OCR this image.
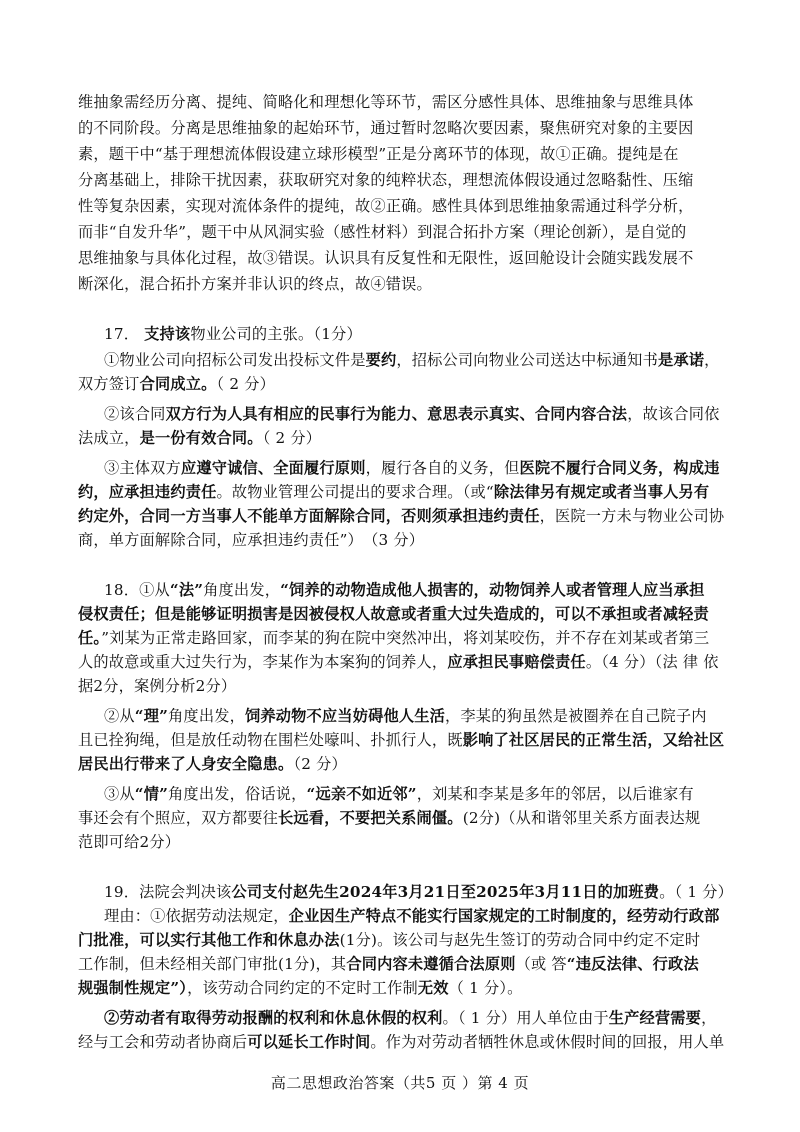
维抽象需经历分离、提纯、简略化和理想化等环节，需区分感性具体、思维抽象与思维具体
的不同阶段。分离是思维抽象的起始环节，通过暂时忽略次要因素，聚焦研究对象的主要因
素，题干中“基于理想流体假设建立球形模型”正是分离环节的体现，故①正确。提纯是在
分离基础上，排除干扰因素，获取研究对象的纯粹状态，理想流体假设通过忽略黏性、压缩
性等复杂因素，实现对流体条件的提纯，故②正确。感性具体到思维抽象需通过科学分析，
而非“自发升华”，题干中从风洞实验（感性材料）到混合拓扑方案（理论创新），是自觉的
思维抽象与具体化过程，故③错误。认识具有反复性和无限性，返回舱设计会随实践发展不
断深化，混合拓扑方案并非认识的终点，故④错误。
17． 支持该物业公司的主张。（1分）
①物业公司向招标公司发出投标文件是要约，招标公司向物业公司送达中标通知书是承诺，
双方签订合同成立。（ 2 分）
②该合同双方行为人具有相应的民事行为能力、意思表示真实、合同内容合法，故该合同依
法成立，是一份有效合同。（ 2 分）
③主体双方应遵守诚信、全面履行原则，履行各自的义务，但医院不履行合同义务，构成违
约，应承担违约责任。故物业管理公司提出的要求合理。（或“除法律另有规定或者当事人另有
约定外，合同一方当事人不能单方面解除合同，否则须承担违约责任，医院一方未与物业公司协
商，单方面解除合同，应承担违约责任”）　（3 分）
18．①从“法”角度出发，“饲养的动物造成他人损害的，动物饲养人或者管理人应当承担
侵权责任；但是能够证明损害是因被侵权人故意或者重大过失造成的，可以不承担或者减轻责
任。”刘某为正常走路回家，而李某的狗在院中突然冲出，将刘某咬伤，并不存在刘某或者第三
人的故意或重大过失行为，李某作为本案狗的饲养人，应承担民事赔偿责任。（4 分）（法 律 依
据2分，案例分析2分）
②从“理”角度出发，饲养动物不应当妨碍他人生活，李某的狗虽然是被圈养在自己院子内
且已拴狗绳，但是放任动物在围栏处嚎叫、扑抓行人，既影响了社区居民的正常生活，又给社区
居民出行带来了人身安全隐患。（2 分）
③从“情”角度出发，俗话说，“远亲不如近邻”，刘某和李某是多年的邻居，以后谁家有
事还会有个照应，双方都要往长远看，不要把关系闹僵。(2分)（从和谐邻里关系方面表达规
范即可给2分）
19．法院会判决该公司支付赵先生2024年3月21日至2025年3月11日的加班费。（ 1 分）
理由：①依据劳动法规定，企业因生产特点不能实行国家规定的工时制度的，经劳动行政部
门批准，可以实行其他工作和休息办法(1分)。该公司与赵先生签订的劳动合同中约定不定时
工作制，但未经相关部门审批(1分)，其合同内容未遵循合法原则（或 答“违反法律、行政法
规强制性规定”），该劳动合同约定的不定时工作制无效（ 1 分）。
②劳动者有取得劳动报酬的权利和休息休假的权利。（ 1 分）用人单位由于生产经营需要，
经与工会和劳动者协商后可以延长工作时间。作为对劳动者牺牲休息或休假时间的回报，用人单
高二思想政治答案（共5 页 ）第 4 页
